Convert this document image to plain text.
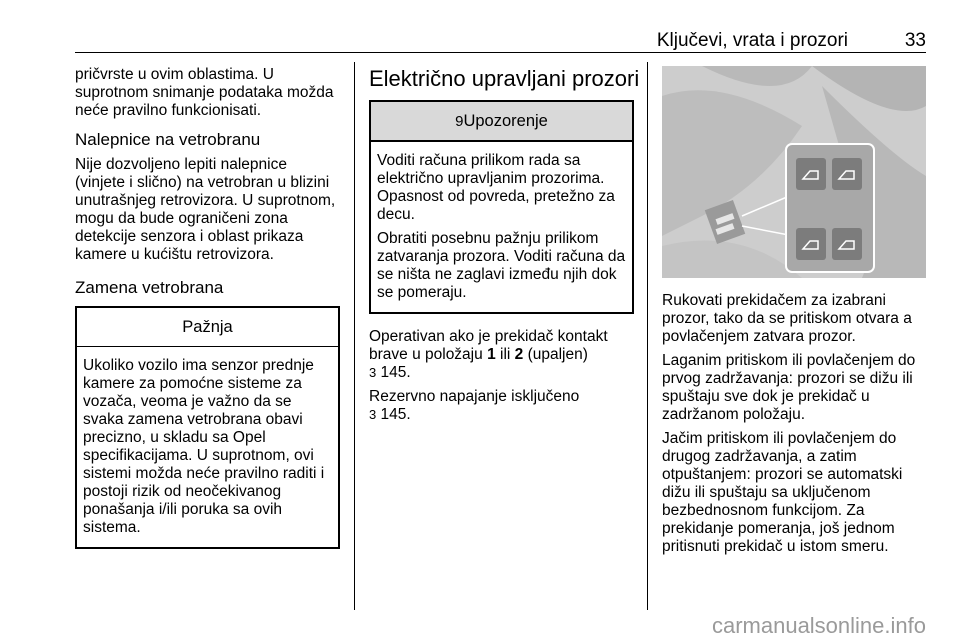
Ključevi, vrata i prozori	33

pričvrste u ovim oblastima. U suprotnom snimanje podataka možda neće pravilno funkcionisati.

Nalepnice na vetrobranu

Nije dozvoljeno lepiti nalepnice (vinjete i slično) na vetrobran u blizini unutrašnjeg retrovizora. U suprotnom, mogu da bude ograničeni zona detekcije senzora i oblast prikaza kamere u kućištu retrovizora.

Zamena vetrobrana
Pažnja

Ukoliko vozilo ima senzor prednje kamere za pomoćne sisteme za vozača, veoma je važno da se svaka zamena vetrobrana obavi precizno, u skladu sa Opel specifikacijama. U suprotnom, ovi sistemi možda neće pravilno raditi i postoji rizik od neočekivanog ponašanja i/ili poruka sa ovih sistema.

Električno upravljani prozori
9Upozorenje

Voditi računa prilikom rada sa električno upravljanim prozorima. Opasnost od povreda, pretežno za decu.

Obratiti posebnu pažnju prilikom zatvaranja prozora. Voditi računa da se ništa ne zaglavi između njih dok se pomeraju.

Operativan ako je prekidač kontakt brave u položaju 1 ili 2 (upaljen)
3 145.

Rezervno napajanje isključeno
3 145.

Rukovati prekidačem za izabrani prozor, tako da se pritiskom otvara a povlačenjem zatvara prozor.

Laganim pritiskom ili povlačenjem do prvog zadržavanja: prozori se dižu ili spuštaju sve dok je prekidač u zadržanom položaju.

Jačim pritiskom ili povlačenjem do drugog zadržavanja, a zatim otpuštanjem: prozori se automatski dižu ili spuštaju sa uključenom bezbednosnom funkcijom. Za prekidanje pomeranja, još jednom pritisnuti prekidač u istom smeru.

carmanualsonline.info
